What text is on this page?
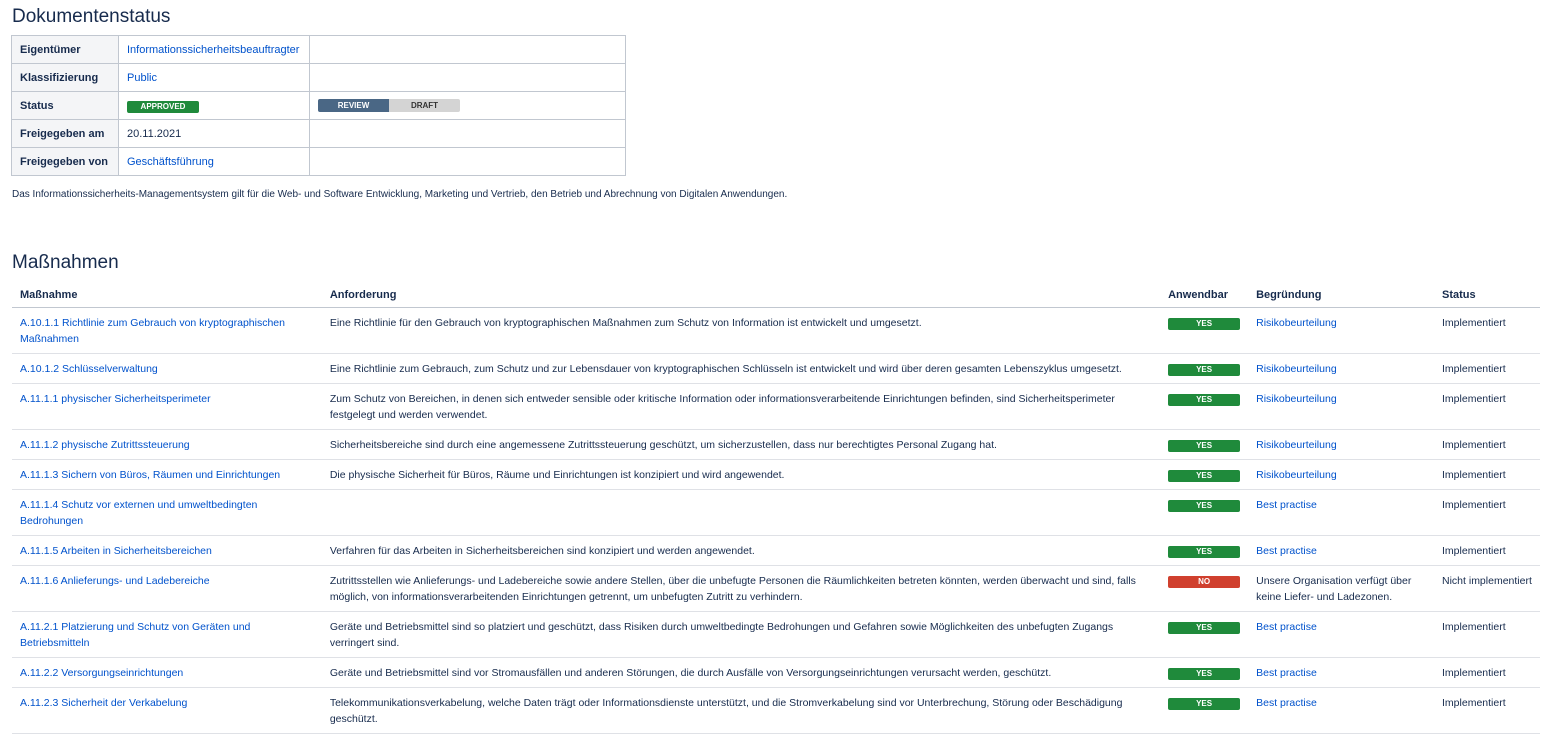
Dokumentenstatus
Eigentümer	Informationssicherheitsbeauftragter	
Klassifizierung	Public	
Status	APPROVED	REVIEW DRAFT

Freigegeben am	20.11.2021	
Freigegeben von	Geschäftsführung	
Das Informationssicherheits-Managementsystem gilt für die Web- und Software Entwicklung, Marketing und Vertrieb, den Betrieb und Abrechnung von Digitalen Anwendungen.
Maßnahmen
Maßnahme	Anforderung	Anwendbar	Begründung	Status
A.10.1.1 Richtlinie zum Gebrauch von kryptographischen Maßnahmen	Eine Richtlinie für den Gebrauch von kryptographischen Maßnahmen zum Schutz von Information ist entwickelt und umgesetzt.	YES	Risikobeurteilung	Implementiert
A.10.1.2 Schlüsselverwaltung	Eine Richtlinie zum Gebrauch, zum Schutz und zur Lebensdauer von kryptographischen Schlüsseln ist entwickelt und wird über deren gesamten Lebenszyklus umgesetzt.	YES	Risikobeurteilung	Implementiert
A.11.1.1 physischer Sicherheitsperimeter	Zum Schutz von Bereichen, in denen sich entweder sensible oder kritische Information oder informationsverarbeitende Einrichtungen befinden, sind Sicherheitsperimeter festgelegt und werden verwendet.	YES	Risikobeurteilung	Implementiert
A.11.1.2 physische Zutrittssteuerung	Sicherheitsbereiche sind durch eine angemessene Zutrittssteuerung geschützt, um sicherzustellen, dass nur berechtigtes Personal Zugang hat.	YES	Risikobeurteilung	Implementiert
A.11.1.3 Sichern von Büros, Räumen und Einrichtungen	Die physische Sicherheit für Büros, Räume und Einrichtungen ist konzipiert und wird angewendet.	YES	Risikobeurteilung	Implementiert
A.11.1.4 Schutz vor externen und umweltbedingten Bedrohungen		YES	Best practise	Implementiert
A.11.1.5 Arbeiten in Sicherheitsbereichen	Verfahren für das Arbeiten in Sicherheitsbereichen sind konzipiert und werden angewendet.	YES	Best practise	Implementiert
A.11.1.6 Anlieferungs- und Ladebereiche	Zutrittsstellen wie Anlieferungs- und Ladebereiche sowie andere Stellen, über die unbefugte Personen die Räumlichkeiten betreten könnten, werden überwacht und sind, falls möglich, von informationsverarbeitenden Einrichtungen getrennt, um unbefugten Zutritt zu verhindern.	NO	Unsere Organisation verfügt über keine Liefer- und Ladezonen.	Nicht implementiert
A.11.2.1 Platzierung und Schutz von Geräten und Betriebsmitteln	Geräte und Betriebsmittel sind so platziert und geschützt, dass Risiken durch umweltbedingte Bedrohungen und Gefahren sowie Möglichkeiten des unbefugten Zugangs verringert sind.	YES	Best practise	Implementiert
A.11.2.2 Versorgungseinrichtungen	Geräte und Betriebsmittel sind vor Stromausfällen und anderen Störungen, die durch Ausfälle von Versorgungseinrichtungen verursacht werden, geschützt.	YES	Best practise	Implementiert
A.11.2.3 Sicherheit der Verkabelung	Telekommunikationsverkabelung, welche Daten trägt oder Informationsdienste unterstützt, und die Stromverkabelung sind vor Unterbrechung, Störung oder Beschädigung geschützt.	YES	Best practise	Implementiert
